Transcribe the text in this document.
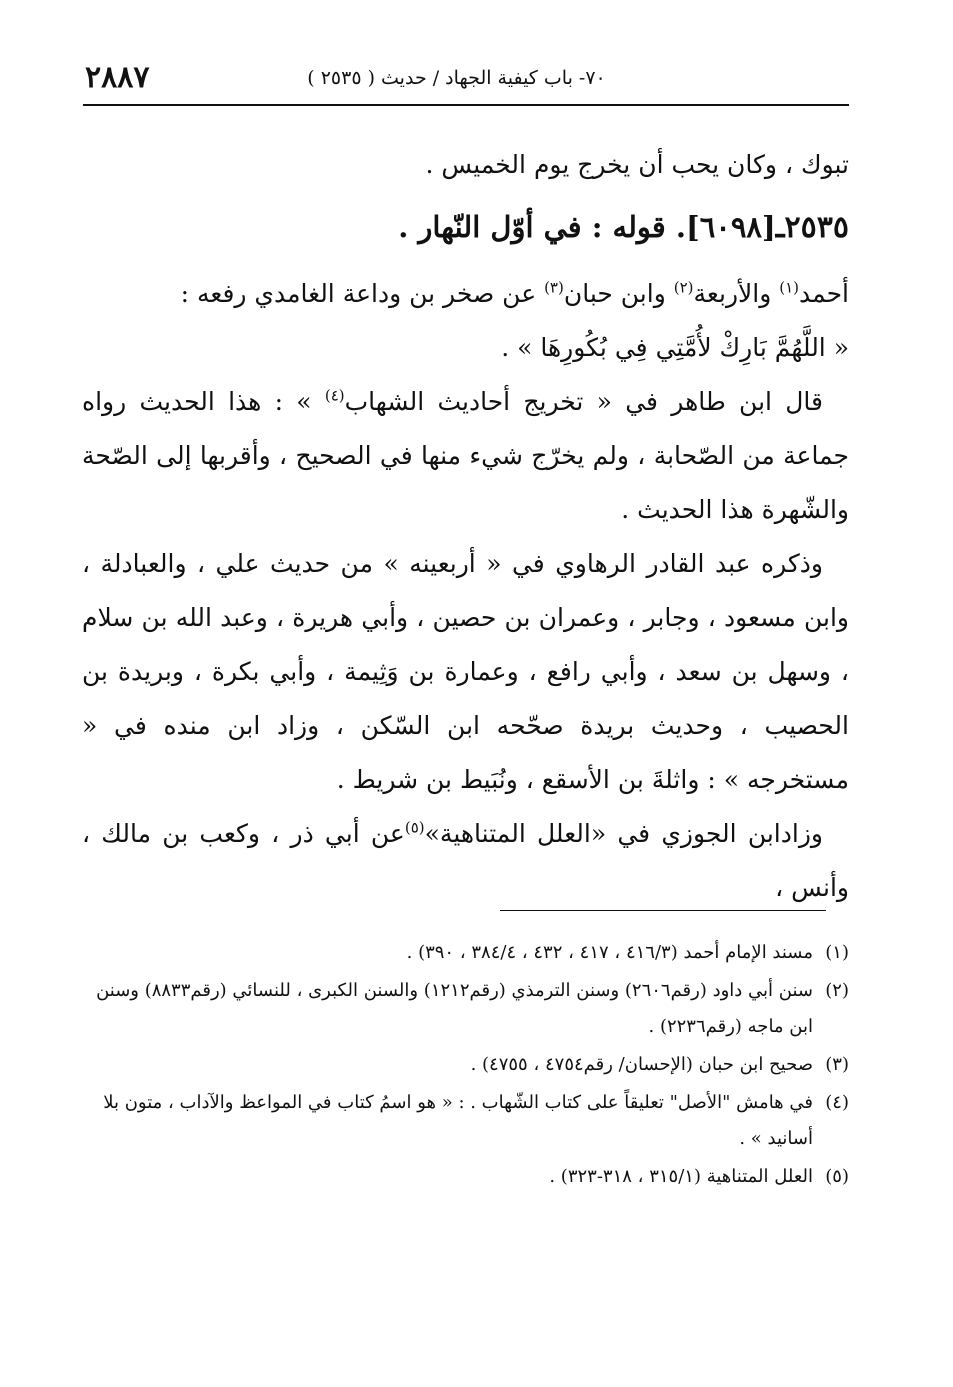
٢٨٨٧	٧٠- باب كيفية الجهاد / حديث ( ٢٥٣٥ )

تبوك ، وكان يحب أن يخرج يوم الخميس .

٢٥٣٥ـ[٦٠٩٨]. قوله : في أوّل النّهار .

أحمد$^{(١)}$ والأربعة$^{(٢)}$ وابن حبان$^{(٣)}$ عن صخر بن وداعة الغامدي رفعه :

« اللَّهُمَّ بَارِكْ لأُمَّتِي فِي بُكُورِهَا » .

قال ابن طاهر في « تخريج أحاديث الشهاب$^{(٤)}$ » : هذا الحديث رواه جماعة من الصّحابة ، ولم يخرّج شيء منها في الصحيح ، وأقربها إلى الصّحة والشّهرة هذا الحديث .

وذكره عبد القادر الرهاوي في « أربعينه » من حديث علي ، والعبادلة ، وابن مسعود ، وجابر ، وعمران بن حصين ، وأبي هريرة ، وعبد الله بن سلام ، وسهل بن سعد ، وأبي رافع ، وعمارة بن وَثِيمة ، وأبي بكرة ، وبريدة بن الحصيب ، وحديث بريدة صحّحه ابن السّكن ، وزاد ابن منده في « مستخرجه » : واثلةَ بن الأسقع ، ونُبَيط بن شريط .

وزادابن الجوزي في «العلل المتناهية»$^{(٥)}$عن أبي ذر ، وكعب بن مالك ، وأنس ،

(١)
مسند الإمام أحمد (٤١٦/٣ ، ٤١٧ ، ٤٣٢ ، ٣٨٤/٤ ، ٣٩٠) .
(٢)
سنن أبي داود (رقم٢٦٠٦) وسنن الترمذي (رقم١٢١٢) والسنن الكبرى ، للنسائي (رقم٨٨٣٣) وسنن ابن ماجه (رقم٢٢٣٦) .
(٣)
صحيح ابن حبان (الإحسان/ رقم٤٧٥٤ ، ٤٧٥٥) .
(٤)
في هامش "الأصل" تعليقاً على كتاب الشّهاب . : « هو اسمُ كتاب في المواعظ والآداب ، متون بلا أسانيد » .
(٥)
العلل المتناهية (٣١٥/١ ، ٣١٨-٣٢٣) .
